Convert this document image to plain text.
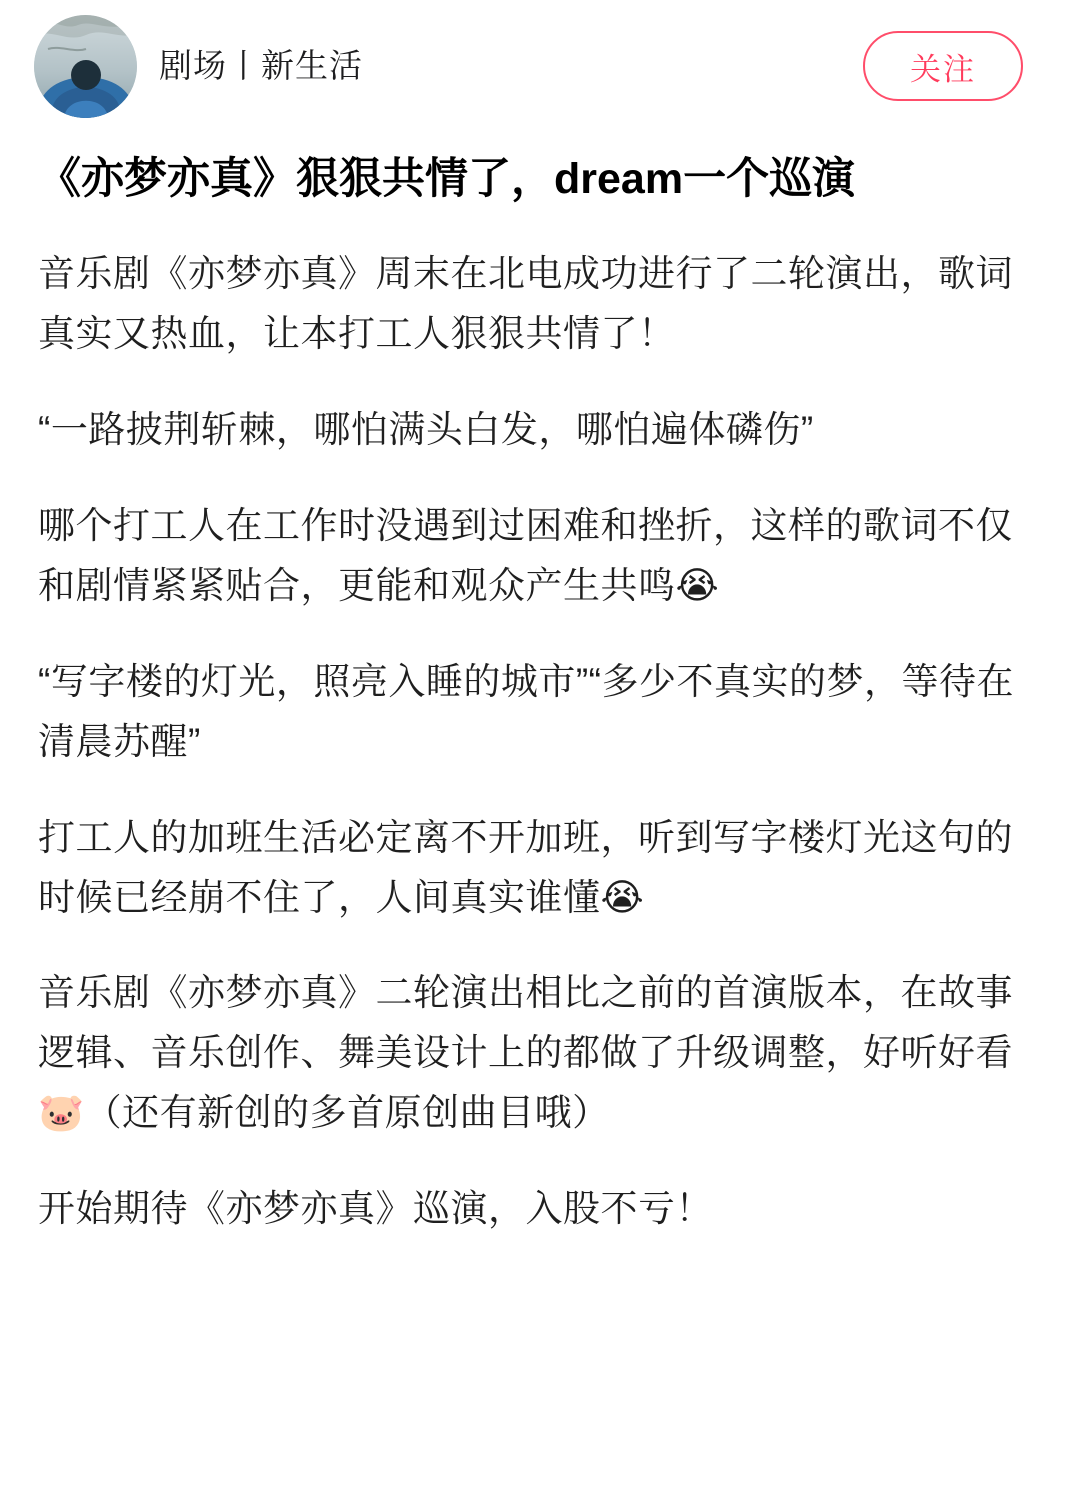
剧场丨新生活	关注
《亦梦亦真》狠狠共情了，dream一个巡演

音乐剧《亦梦亦真》周末在北电成功进行了二轮演出，歌词真实又热血，让本打工人狠狠共情了！

“一路披荆斩棘，哪怕满头白发，哪怕遍体磷伤”

哪个打工人在工作时没遇到过困难和挫折，这样的歌词不仅和剧情紧紧贴合，更能和观众产生共鸣😭

“写字楼的灯光，照亮入睡的城市”“多少不真实的梦，等待在清晨苏醒”

打工人的加班生活必定离不开加班，听到写字楼灯光这句的时候已经崩不住了，人间真实谁懂😭

音乐剧《亦梦亦真》二轮演出相比之前的首演版本，在故事逻辑、音乐创作、舞美设计上的都做了升级调整，好听好看🐷（还有新创的多首原创曲目哦）

开始期待《亦梦亦真》巡演，入股不亏！
